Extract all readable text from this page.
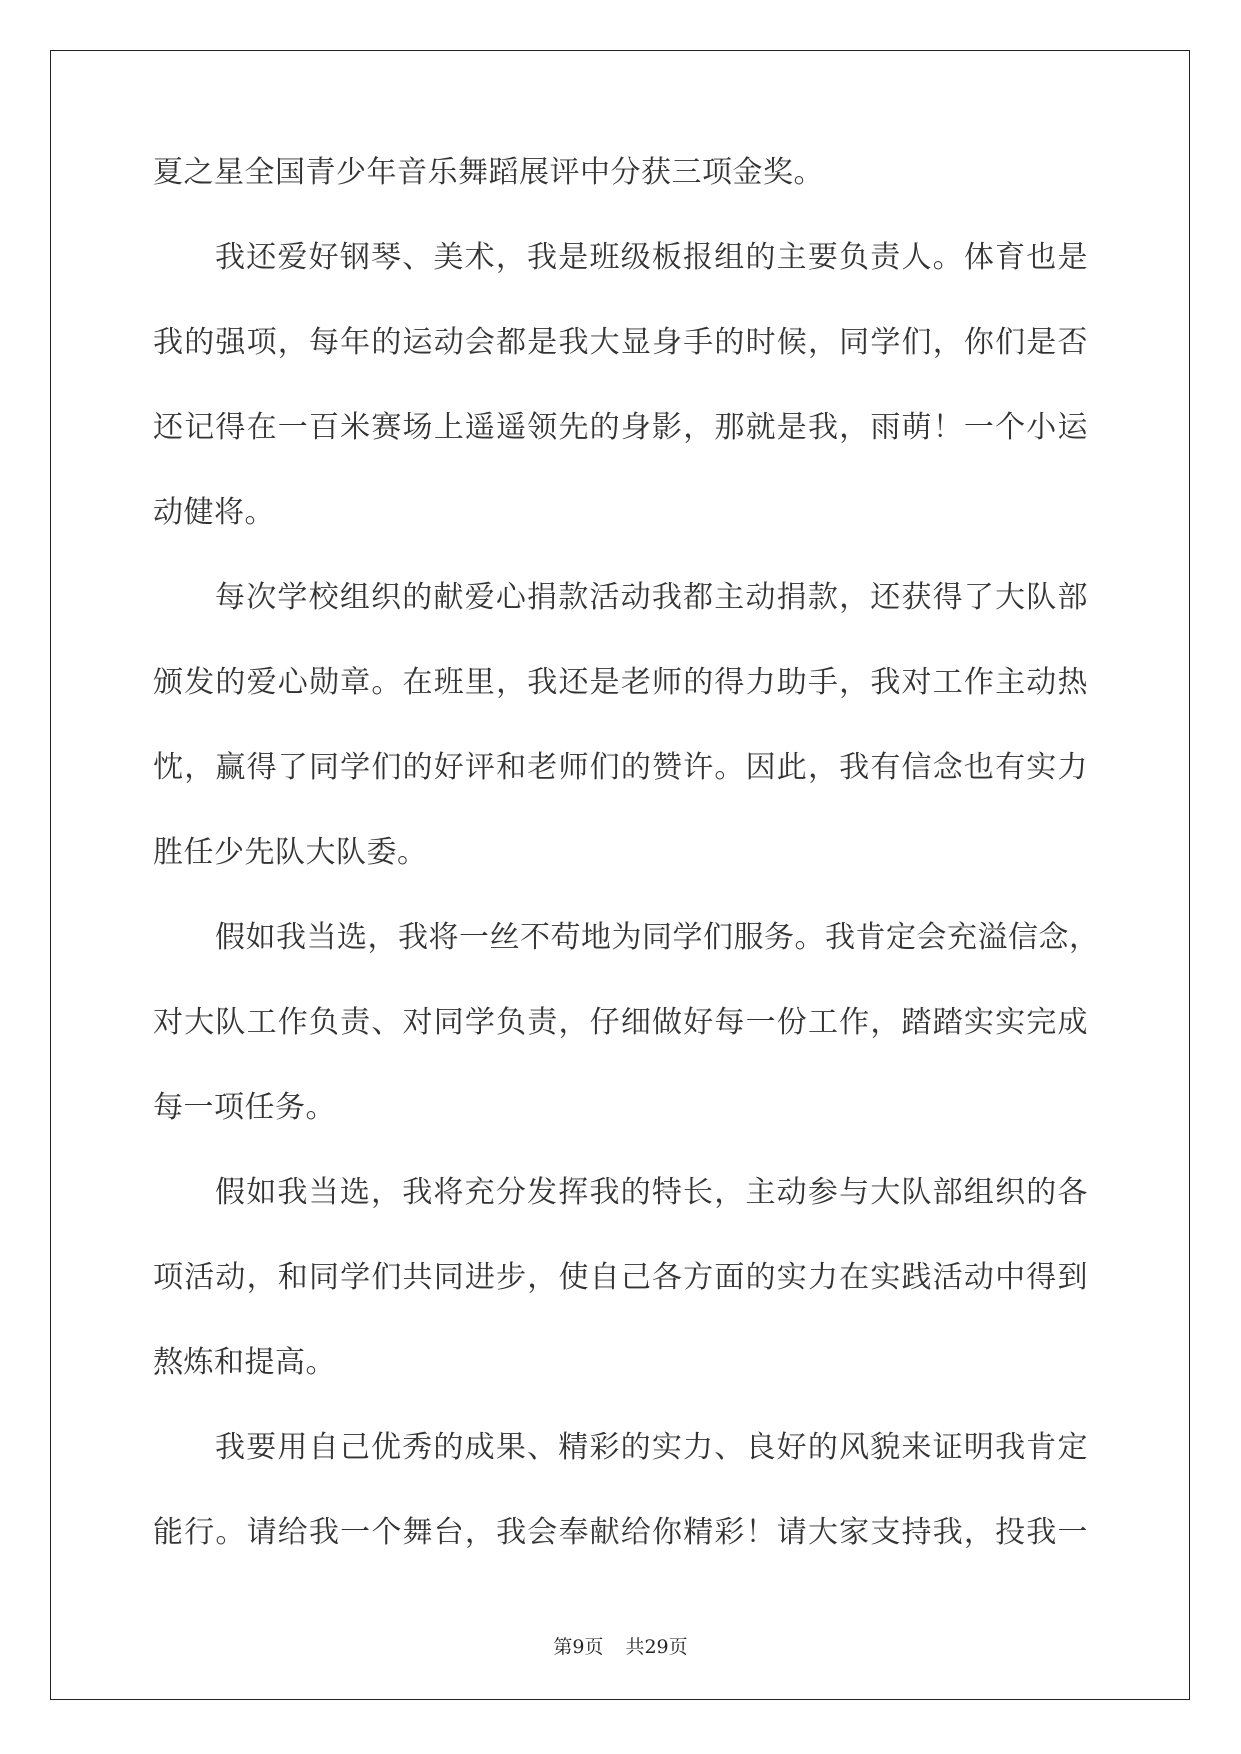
夏之星全国青少年音乐舞蹈展评中分获三项金奖。
我还爱好钢琴、美术，我是班级板报组的主要负责人。体育也是
我的强项，每年的运动会都是我大显身手的时候，同学们，你们是否
还记得在一百米赛场上遥遥领先的身影，那就是我，雨萌！一个小运
动健将。
每次学校组织的献爱心捐款活动我都主动捐款，还获得了大队部
颁发的爱心勋章。在班里，我还是老师的得力助手，我对工作主动热
忱，赢得了同学们的好评和老师们的赞许。因此，我有信念也有实力
胜任少先队大队委。
假如我当选，我将一丝不苟地为同学们服务。我肯定会充溢信念，
对大队工作负责、对同学负责，仔细做好每一份工作，踏踏实实完成
每一项任务。
假如我当选，我将充分发挥我的特长，主动参与大队部组织的各
项活动，和同学们共同进步，使自己各方面的实力在实践活动中得到
熬炼和提高。
我要用自己优秀的成果、精彩的实力、良好的风貌来证明我肯定
能行。请给我一个舞台，我会奉献给你精彩！请大家支持我，投我一
第9页 共29页
